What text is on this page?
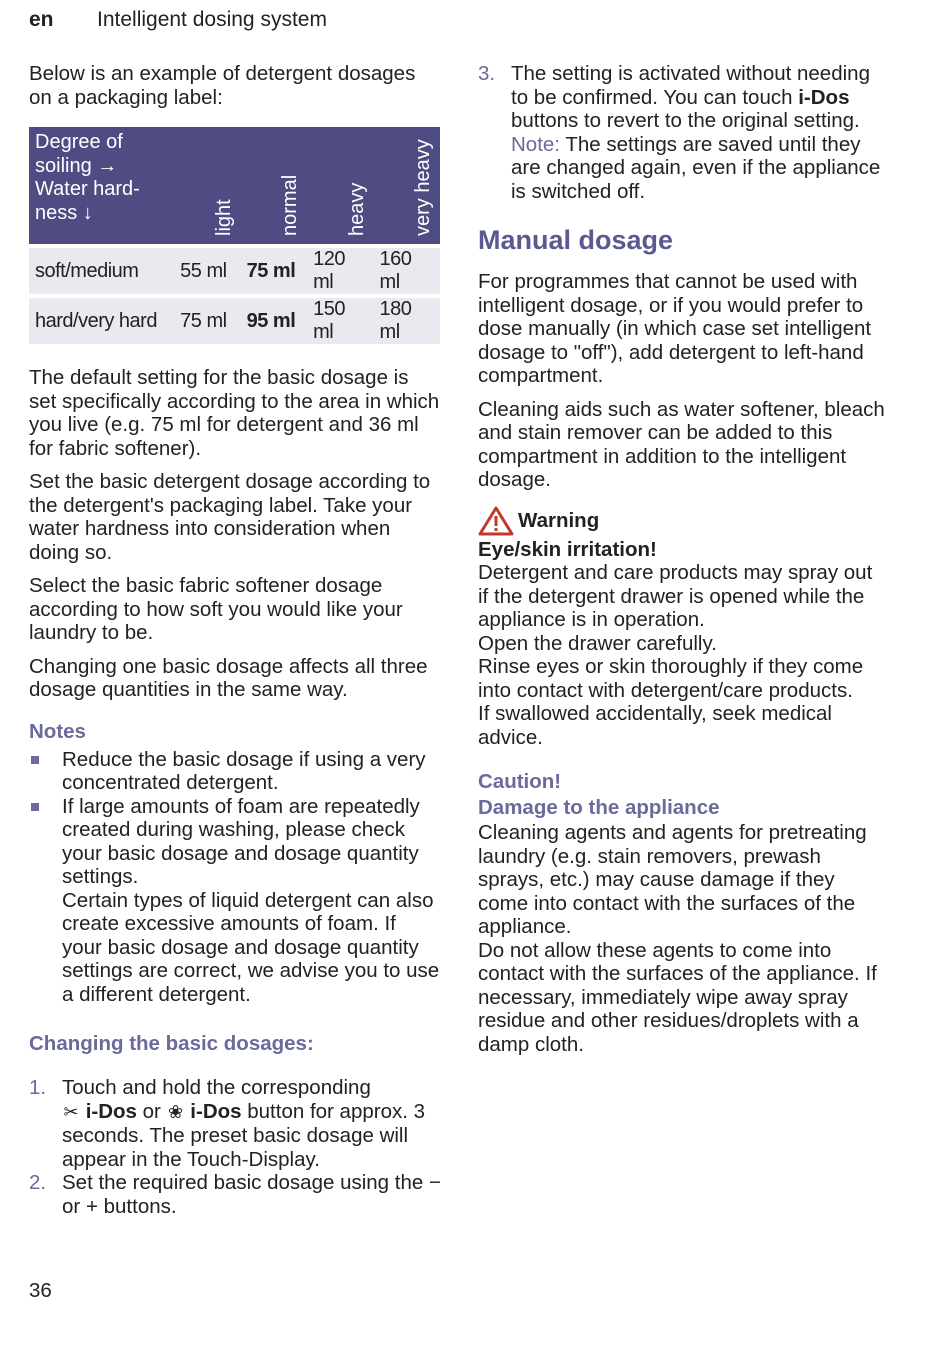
en Intelligent dosing system

Below is an example of detergent dosages on a packaging label:

Degree of
soiling →
Water hard-
ness ↓	light	normal	heavy	very heavy

soft/medium	55 ml	75 ml	120 ml	160 ml
hard/very hard	75 ml	95 ml	150 ml	180 ml

The default setting for the basic dosage is set specifically according to the area in which you live (e.g. 75 ml for detergent and 36 ml for fabric softener).

Set the basic detergent dosage according to the detergent's packaging label. Take your water hardness into consideration when doing so.

Select the basic fabric softener dosage according to how soft you would like your laundry to be.

Changing one basic dosage affects all three dosage quantities in the same way.

Notes
Reduce the basic dosage if using a very concentrated detergent.
If large amounts of foam are repeatedly created during washing, please check your basic dosage and dosage quantity settings.
Certain types of liquid detergent can also create excessive amounts of foam. If your basic dosage and dosage quantity settings are correct, we advise you to use a different detergent.
Changing the basic dosages:
1. Touch and hold the corresponding
✂ i-Dos or ❀ i-Dos button for approx. 3 seconds. The preset basic dosage will appear in the Touch-Display.
2. Set the required basic dosage using the − or + buttons.
3. The setting is activated without needing to be confirmed. You can touch i-Dos buttons to revert to the original setting.
Note: The settings are saved until they are changed again, even if the appliance is switched off.
Manual dosage

For programmes that cannot be used with intelligent dosage, or if you would prefer to dose manually (in which case set intelligent dosage to "off"), add detergent to left-hand compartment.

Cleaning aids such as water softener, bleach and stain remover can be added to this compartment in addition to the intelligent dosage.

Warning
Eye/skin irritation!
Detergent and care products may spray out if the detergent drawer is opened while the appliance is in operation.
Open the drawer carefully.
Rinse eyes or skin thoroughly if they come into contact with detergent/care products.
If swallowed accidentally, seek medical advice.
Caution!
Damage to the appliance
Cleaning agents and agents for pretreating laundry (e.g. stain removers, prewash sprays, etc.) may cause damage if they come into contact with the surfaces of the appliance.
Do not allow these agents to come into contact with the surfaces of the appliance. If necessary, immediately wipe away spray residue and other residues/droplets with a damp cloth.
36
